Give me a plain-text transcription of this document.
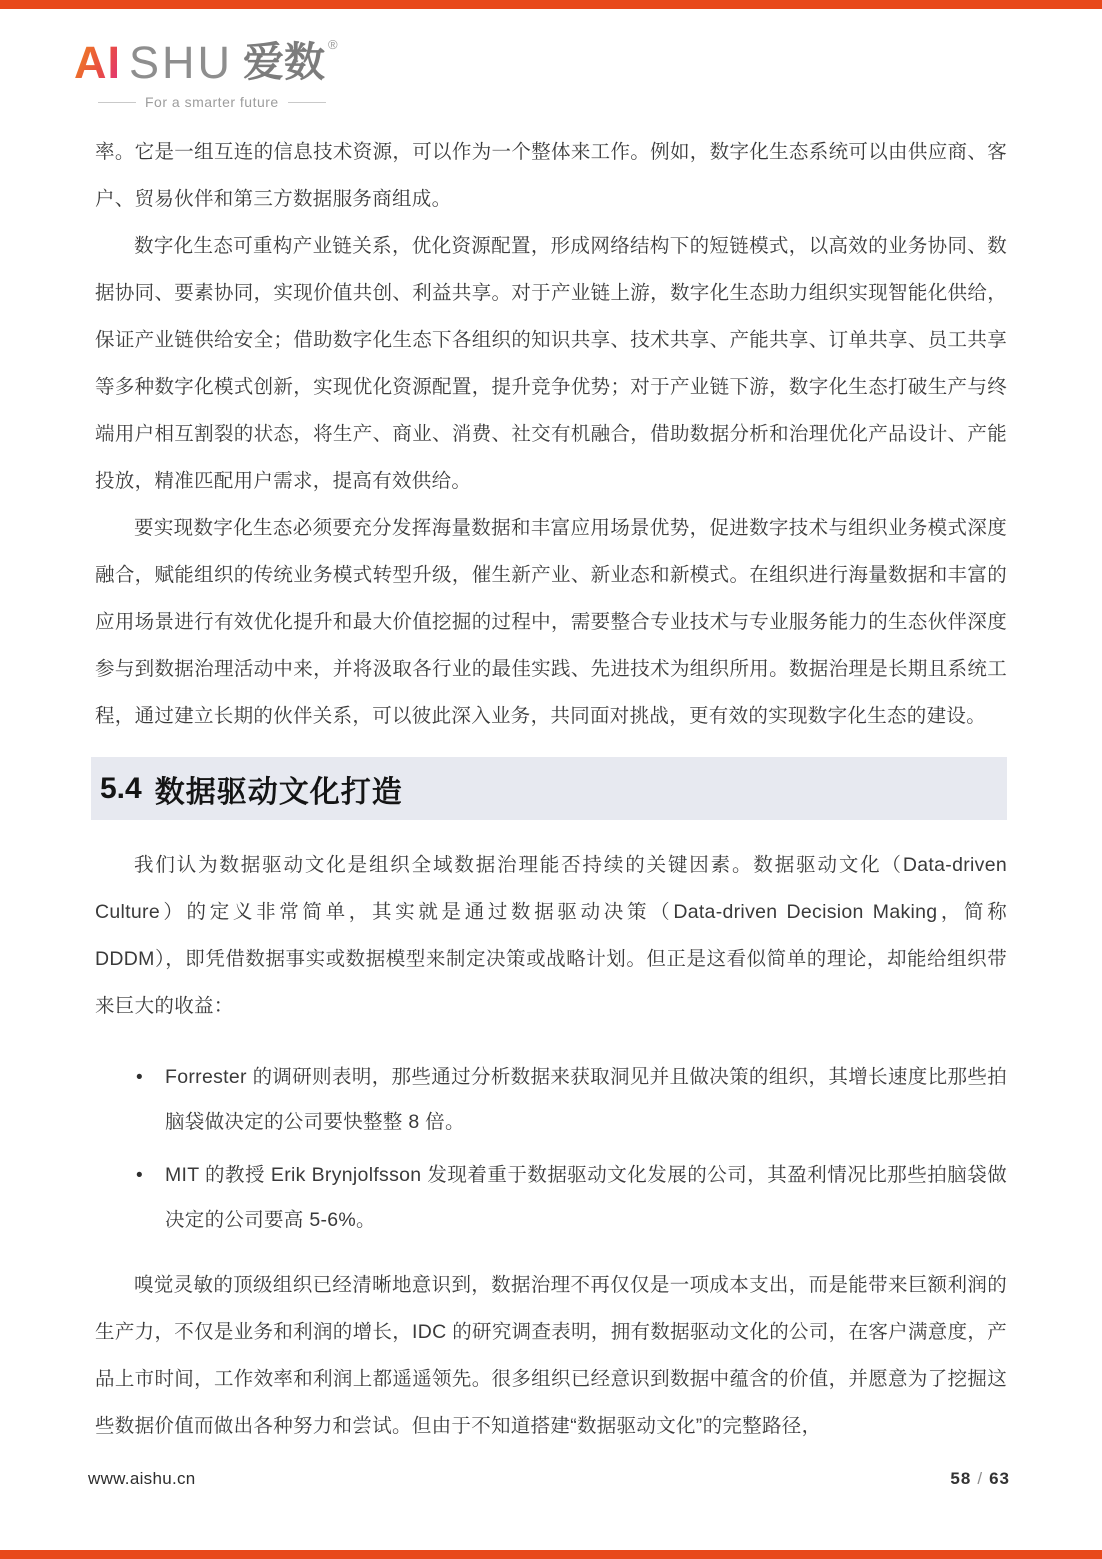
AI SHU 爱数 ®
For a smarter future

率。它是一组互连的信息技术资源，可以作为一个整体来工作。例如，数字化生态系统可以由供应商、客户、贸易伙伴和第三方数据服务商组成。

数字化生态可重构产业链关系，优化资源配置，形成网络结构下的短链模式，以高效的业务协同、数据协同、要素协同，实现价值共创、利益共享。对于产业链上游，数字化生态助力组织实现智能化供给，保证产业链供给安全；借助数字化生态下各组织的知识共享、技术共享、产能共享、订单共享、员工共享等多种数字化模式创新，实现优化资源配置，提升竞争优势；对于产业链下游，数字化生态打破生产与终端用户相互割裂的状态，将生产、商业、消费、社交有机融合，借助数据分析和治理优化产品设计、产能投放，精准匹配用户需求，提高有效供给。

要实现数字化生态必须要充分发挥海量数据和丰富应用场景优势，促进数字技术与组织业务模式深度融合，赋能组织的传统业务模式转型升级，催生新产业、新业态和新模式。在组织进行海量数据和丰富的应用场景进行有效优化提升和最大价值挖掘的过程中，需要整合专业技术与专业服务能力的生态伙伴深度参与到数据治理活动中来，并将汲取各行业的最佳实践、先进技术为组织所用。数据治理是长期且系统工程，通过建立长期的伙伴关系，可以彼此深入业务，共同面对挑战，更有效的实现数字化生态的建设。

5.4 数据驱动文化打造

我们认为数据驱动文化是组织全域数据治理能否持续的关键因素。数据驱动文化（Data-driven Culture）的定义非常简单，其实就是通过数据驱动决策（Data-driven Decision Making，简称 DDDM），即凭借数据事实或数据模型来制定决策或战略计划。但正是这看似简单的理论，却能给组织带来巨大的收益：

• Forrester 的调研则表明，那些通过分析数据来获取洞见并且做决策的组织，其增长速度比那些拍脑袋做决定的公司要快整整 8 倍。
• MIT 的教授 Erik Brynjolfsson 发现着重于数据驱动文化发展的公司，其盈利情况比那些拍脑袋做决定的公司要高 5-6%。

嗅觉灵敏的顶级组织已经清晰地意识到，数据治理不再仅仅是一项成本支出，而是能带来巨额利润的生产力，不仅是业务和利润的增长，IDC 的研究调查表明，拥有数据驱动文化的公司，在客户满意度，产品上市时间，工作效率和利润上都遥遥领先。很多组织已经意识到数据中蕴含的价值，并愿意为了挖掘这些数据价值而做出各种努力和尝试。但由于不知道搭建“数据驱动文化”的完整路径，

www.aishu.cn	58 / 63
